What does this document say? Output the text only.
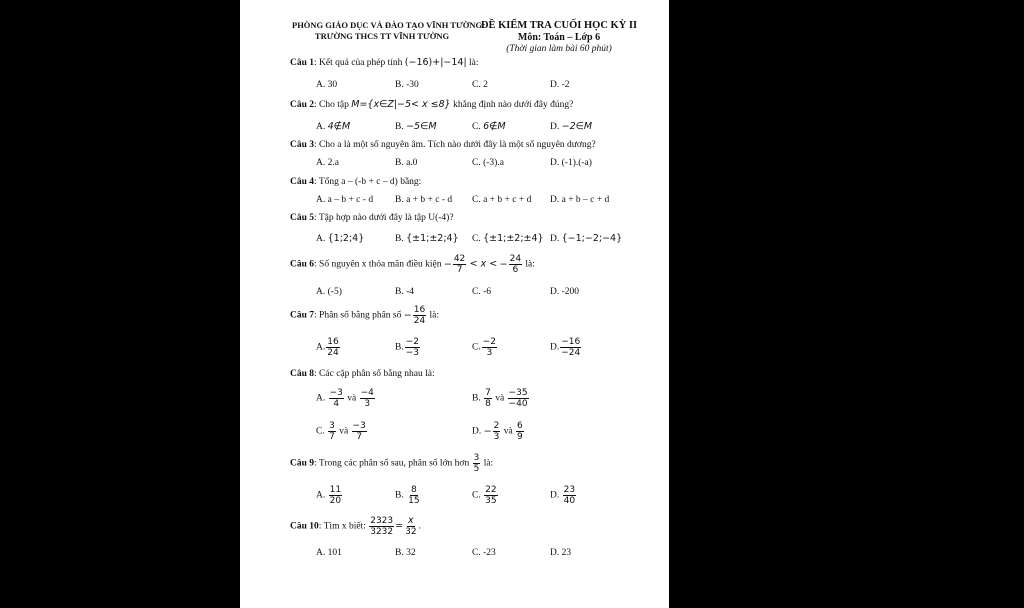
PHÒNG GIÁO DỤC VÀ ĐÀO TẠO VĨNH TƯỜNG
TRƯỜNG THCS TT VĨNH TƯỜNG
ĐỀ KIỂM TRA CUỐI HỌC KỲ II
Môn: Toán – Lớp 6
(Thời gian làm bài 60 phút)
Câu 1: Kết quả của phép tính (−16)+|−14| là:
A. 30	B. -30	C. 2	D. -2
Câu 2: Cho tập M={x∈Z|−5< x ≤8} khẳng định nào dưới đây đúng?
A. 4∉M	B. −5∈M	C. 6∉M	D. −2∈M
Câu 3: Cho a là một số nguyên âm. Tích nào dưới đây là một số nguyên dương?
A. 2.a	B. a.0	C. (-3).a	D. (-1).(-a)
Câu 4: Tổng a – (-b + c – d) bằng:
A. a – b + c - d B. a + b + c - d C. a + b + c + d D. a + b – c + d
Câu 5: Tập hợp nào dưới đây là tập U(-4)?
A. {1;2;4}	B. {±1;±2;4} C. {±1;±2;±4} D. {−1;−2;−4}
Câu 6: Số nguyên x thỏa mãn điều kiện − $\frac{42}{7} < x$ < − $\frac{24}{6}$ là:
A. (-5)	B. -4	C. -6	D. -200
Câu 7: Phân số bằng phân số − $\frac{16}{24}$ là:
A. $\frac{16}{24}$	B. $\frac{-2}{-3}$	C. $\frac{-2}{3}$	D. $\frac{-16}{-24}$
Câu 8: Các cặp phân số bằng nhau là:
A. $\frac{-3}{4}$ và $\frac{-4}{3}$	B. $\frac{7}{8}$ và $\frac{-35}{-40}$
C. $\frac{3}{7}$ và $\frac{-3}{7}$	D. − $\frac{2}{3}$ và $\frac{6}{9}$
Câu 9: Trong các phân số sau, phân số lớn hơn $\frac{3}{5}$ là:
A. $\frac{11}{20}$	B. $\frac{8}{15}$	C. $\frac{22}{35}$	D. $\frac{23}{40}$
Câu 10: Tìm x biết: $\frac{2323}{3232} = \frac{x}{32}$ .
A. 101	B. 32	C. -23	D. 23
